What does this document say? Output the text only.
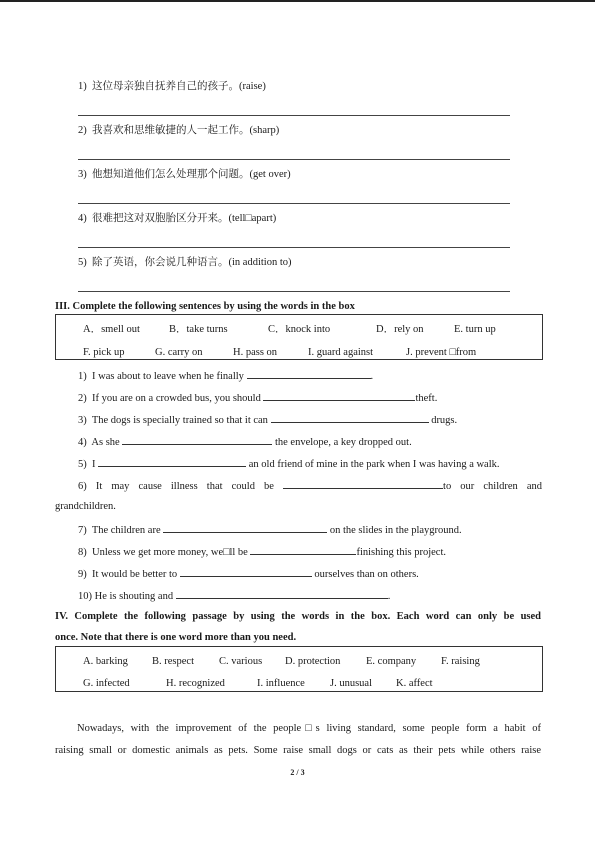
1) 这位母亲独自抚养自己的孩子。(raise)
2) 我喜欢和思维敏捷的人一起工作。(sharp)
3) 他想知道他们怎么处理那个问题。(get over)
4) 很难把这对双胞胎区分开来。(tell□apart)
5) 除了英语，你会说几种语言。(in addition to)
III. Complete the following sentences by using the words in the box
A．smell out	B．take turns	C．knock into	D．rely on	E. turn up
F. pick up	G. carry on	H. pass on	I. guard against	J. prevent □from
1) I was about to leave when he finally	.
2) If you are on a crowded bus, you should	theft.
3) The dogs is specially trained so that it can	drugs.
4) As she	the envelope, a key dropped out.
5) I	an old friend of mine in the park when I was having a walk.
6) It may cause illness that could be	to our children and
grandchildren.
7) The children are	on the slides in the playground.
8) Unless we get more money, we□ll be	finishing this project.
9) It would be better to	ourselves than on others.
10) He is shouting and	.
IV. Complete the following passage by using the words in the box. Each word can only be used
once. Note that there is one word more than you need.
A. barking B. respect C. various D. protection E. company F. raising
G. infected	H. recognized	I. influence J. unusual K. affect
Nowadays, with the improvement of the people□s living standard, some people form a habit of
raising small or domestic animals as pets. Some raise small dogs or cats as their pets while others raise
2 / 3
